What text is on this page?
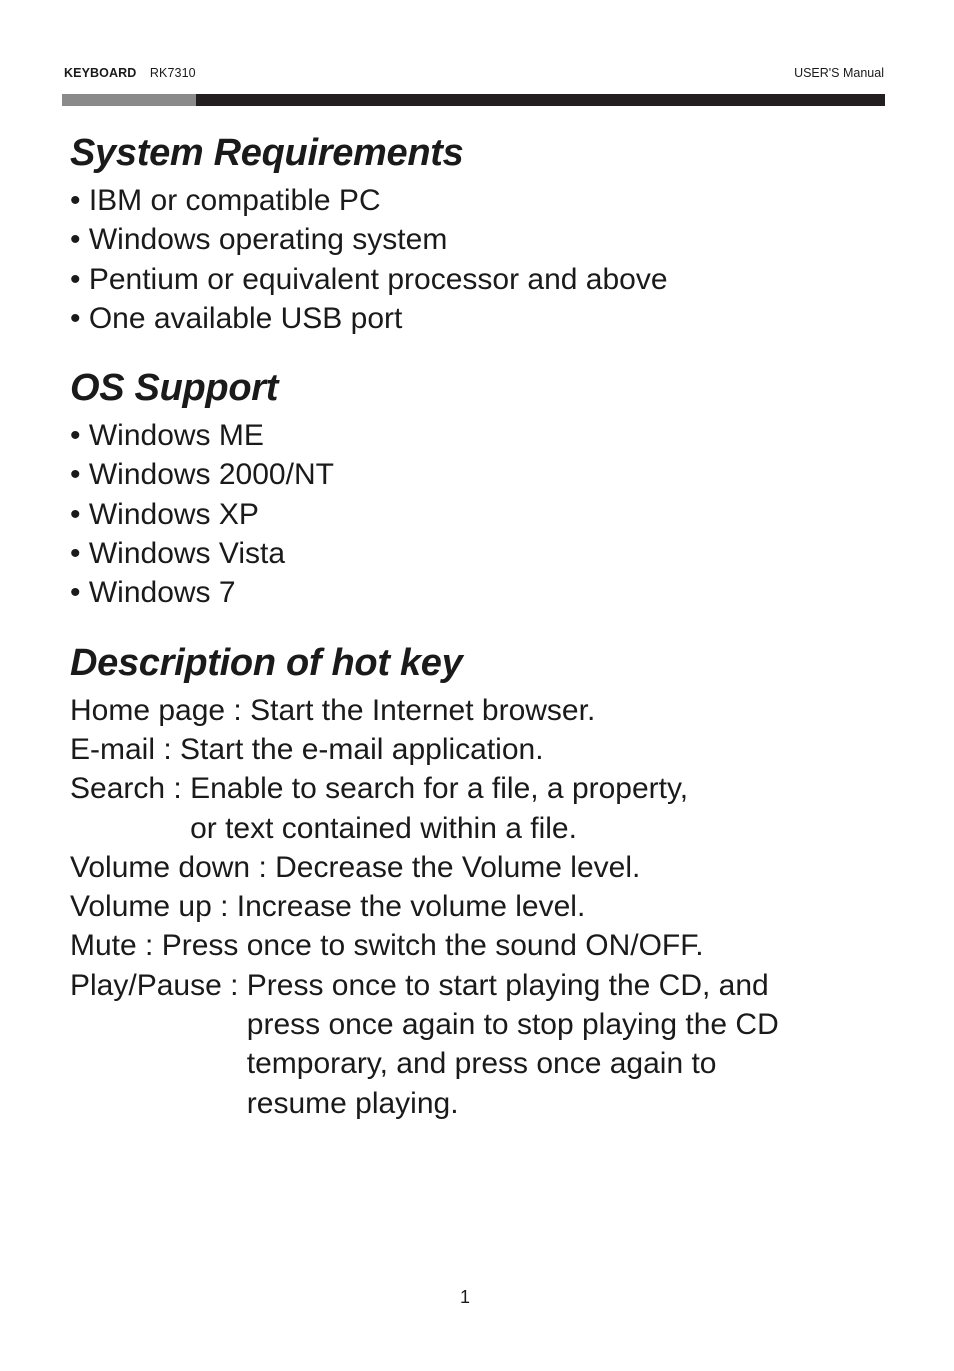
KEYBOARD RK7310	USER'S Manual
System Requirements
• IBM or compatible PC
• Windows operating system
• Pentium or equivalent processor and above
• One available USB port
OS Support
• Windows ME
• Windows 2000/NT
• Windows XP
• Windows Vista
• Windows 7
Description of hot key
Home page : Start the Internet browser.
E-mail : Start the e-mail application.
Search : Enable to search for a file, a property,
or text contained within a file.
Volume down : Decrease the Volume level.
Volume up : Increase the volume level.
Mute : Press once to switch the sound ON/OFF.
Play/Pause : Press once to start playing the CD, and
press once again to stop playing the CD
temporary, and press once again to
resume playing.
1
